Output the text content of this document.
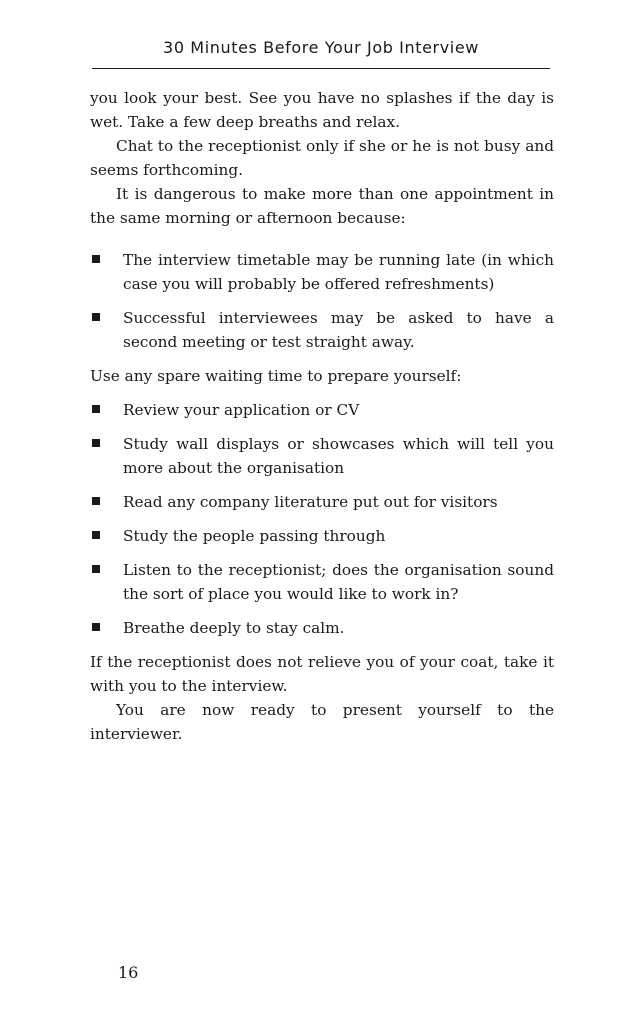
30 Minutes Before Your Job Interview

you look your best. See you have no splashes if the day is wet. Take a few deep breaths and relax.

Chat to the receptionist only if she or he is not busy and seems forthcoming.

It is dangerous to make more than one appointment in the same morning or afternoon because:

The interview timetable may be running late (in which case you will probably be offered refreshments)
Successful interviewees may be asked to have a second meeting or test straight away.

Use any spare waiting time to prepare yourself:

Review your application or CV
Study wall displays or showcases which will tell you more about the organisation
Read any company literature put out for visitors
Study the people passing through
Listen to the receptionist; does the organisation sound the sort of place you would like to work in?
Breathe deeply to stay calm.

If the receptionist does not relieve you of your coat, take it with you to the interview.

You are now ready to present yourself to the interviewer.

16
